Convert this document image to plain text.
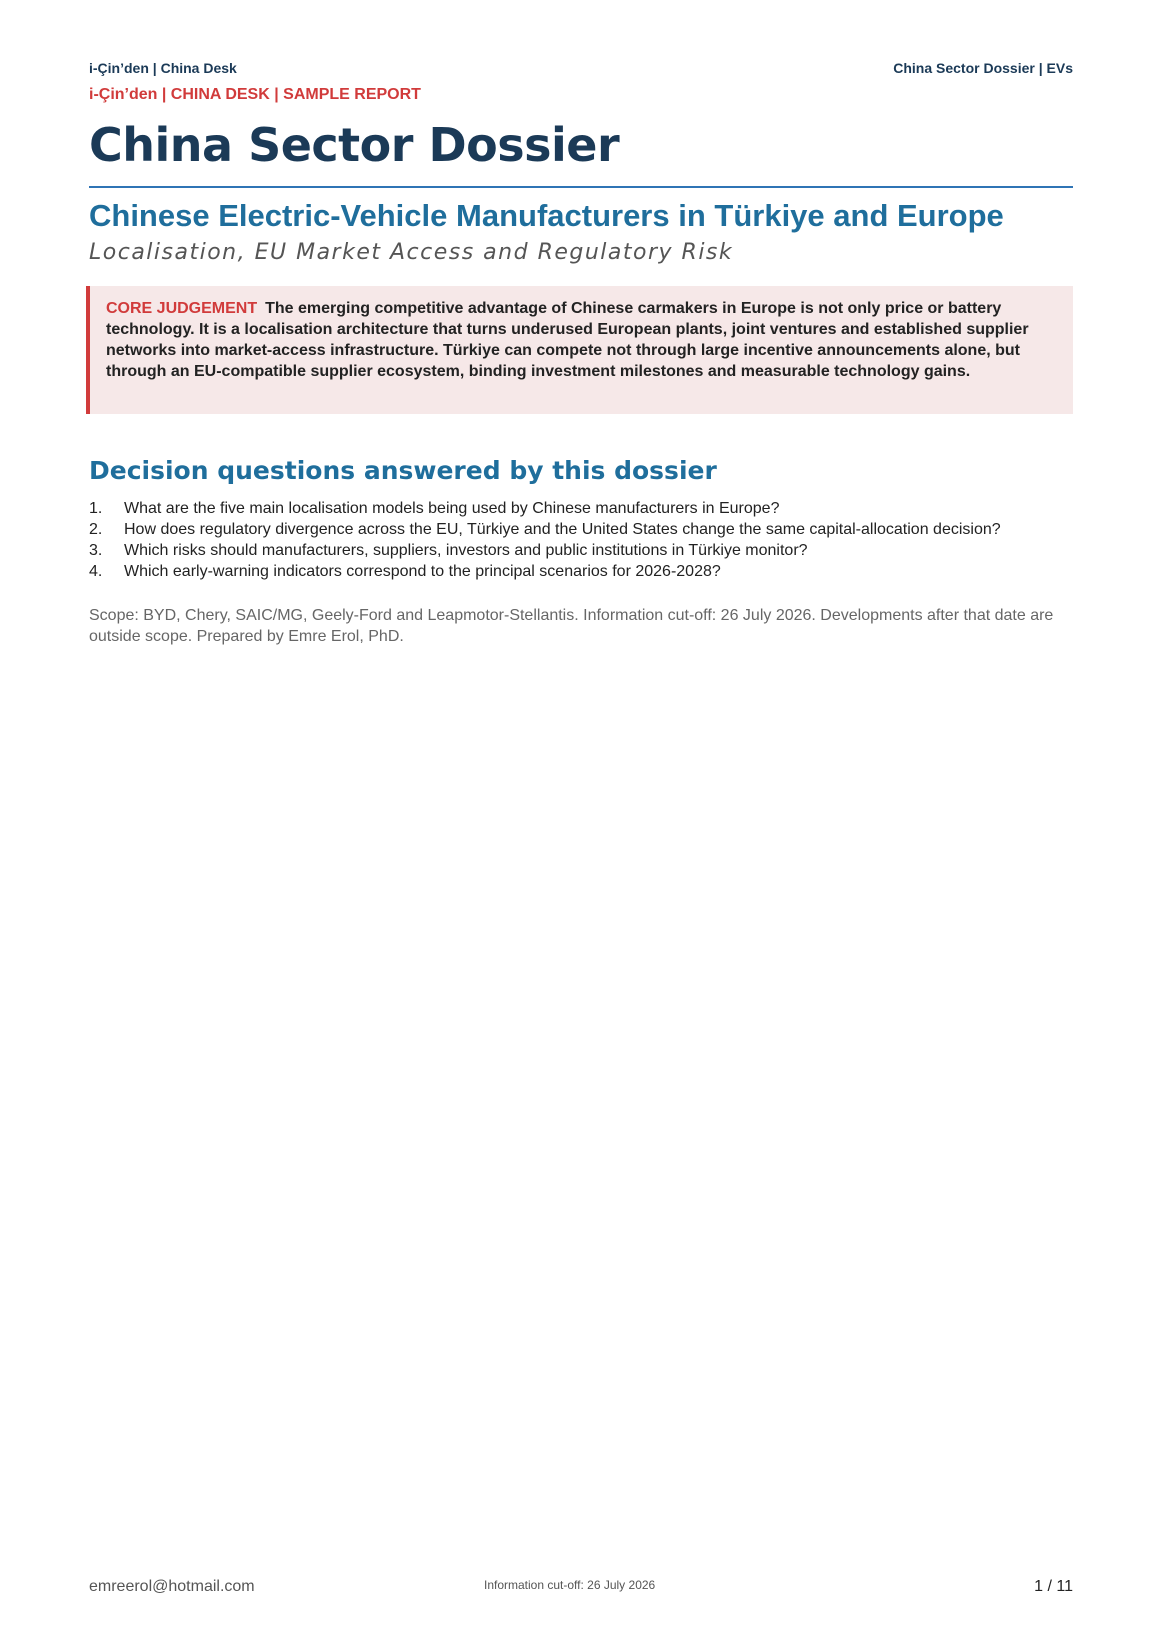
i-Çin’den | China Desk	China Sector Dossier | EVs
i-Çin’den | CHINA DESK | SAMPLE REPORT
China Sector Dossier
Chinese Electric-Vehicle Manufacturers in Türkiye and Europe
Localisation, EU Market Access and Regulatory Risk
CORE JUDGEMENT The emerging competitive advantage of Chinese carmakers in Europe is not only price or battery technology. It is a localisation architecture that turns underused European plants, joint ventures and established supplier networks into market-access infrastructure. Türkiye can compete not through large incentive announcements alone, but through an EU-compatible supplier ecosystem, binding investment milestones and measurable technology gains.
Decision questions answered by this dossier
1. What are the five main localisation models being used by Chinese manufacturers in Europe?
2. How does regulatory divergence across the EU, Türkiye and the United States change the same capital-allocation decision?
3. Which risks should manufacturers, suppliers, investors and public institutions in Türkiye monitor?
4. Which early-warning indicators correspond to the principal scenarios for 2026-2028?
Scope: BYD, Chery, SAIC/MG, Geely-Ford and Leapmotor-Stellantis. Information cut-off: 26 July 2026. Developments after that date are outside scope. Prepared by Emre Erol, PhD.
emreerol@hotmail.com	Information cut-off: 26 July 2026	1 / 11
